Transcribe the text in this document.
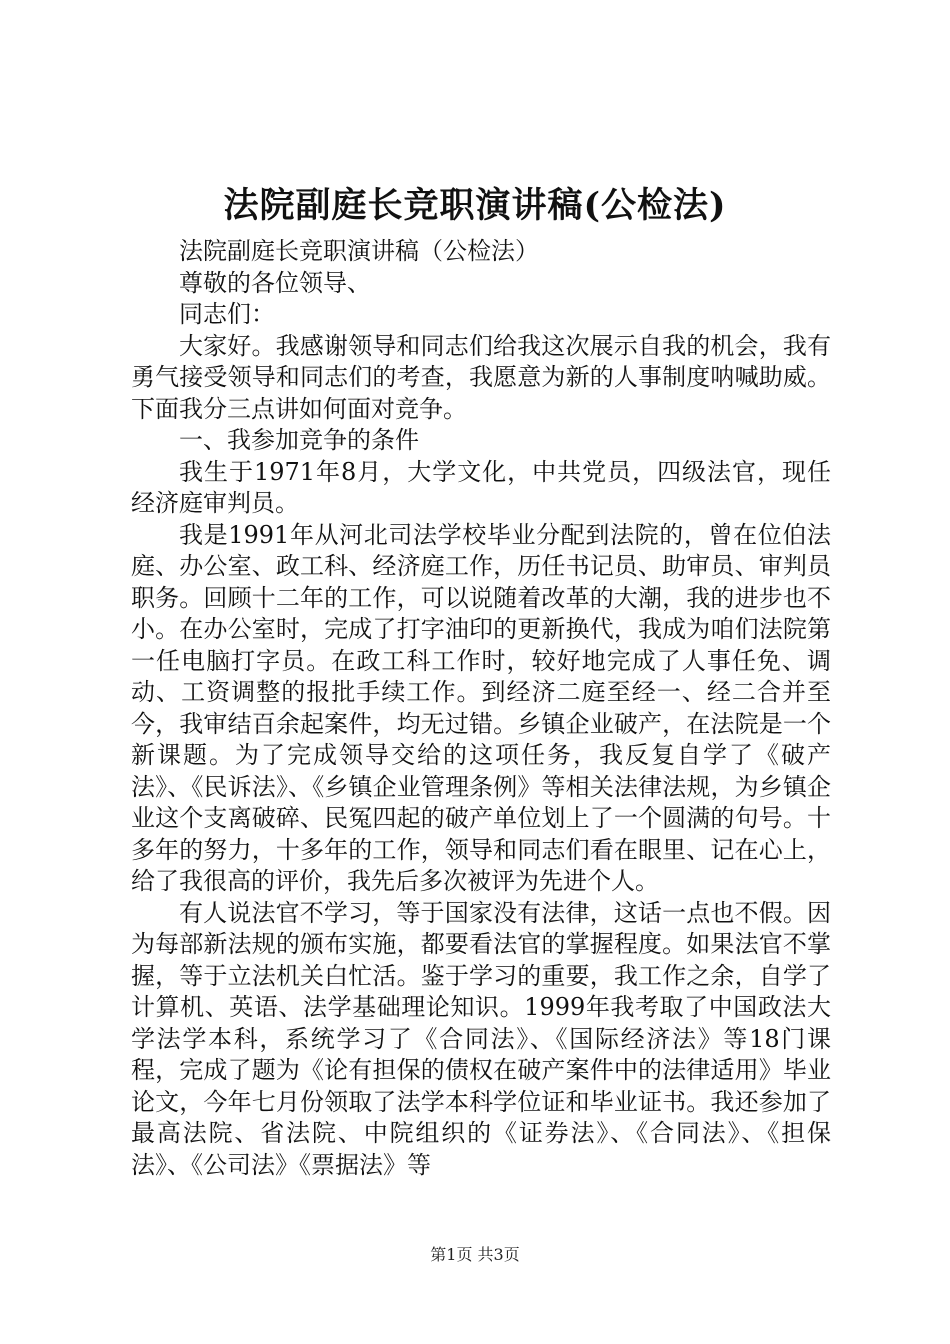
法院副庭长竞职演讲稿(公检法)

法院副庭长竞职演讲稿（公检法）

尊敬的各位领导、

同志们：

大家好。我感谢领导和同志们给我这次展示自我的机会，我有勇气接受领导和同志们的考查，我愿意为新的人事制度呐喊助威。下面我分三点讲如何面对竞争。

一、我参加竞争的条件

我生于1971年8月，大学文化，中共党员，四级法官，现任经济庭审判员。

我是1991年从河北司法学校毕业分配到法院的，曾在位伯法庭、办公室、政工科、经济庭工作，历任书记员、助审员、审判员职务。回顾十二年的工作，可以说随着改革的大潮，我的进步也不小。在办公室时，完成了打字油印的更新换代，我成为咱们法院第一任电脑打字员。在政工科工作时，较好地完成了人事任免、调动、工资调整的报批手续工作。到经济二庭至经一、经二合并至今，我审结百余起案件，均无过错。乡镇企业破产，在法院是一个新课题。为了完成领导交给的这项任务，我反复自学了《破产法》、《民诉法》、《乡镇企业管理条例》等相关法律法规，为乡镇企业这个支离破碎、民冤四起的破产单位划上了一个圆满的句号。十多年的努力，十多年的工作，领导和同志们看在眼里、记在心上，给了我很高的评价，我先后多次被评为先进个人。

有人说法官不学习，等于国家没有法律，这话一点也不假。因为每部新法规的颁布实施，都要看法官的掌握程度。如果法官不掌握，等于立法机关白忙活。鉴于学习的重要，我工作之余，自学了计算机、英语、法学基础理论知识。1999年我考取了中国政法大学法学本科，系统学习了《合同法》、《国际经济法》等18门课程，完成了题为《论有担保的债权在破产案件中的法律适用》毕业论文，今年七月份领取了法学本科学位证和毕业证书。我还参加了最高法院、省法院、中院组织的《证券法》、《合同法》、《担保法》、《公司法》《票据法》等

第1页 共3页
